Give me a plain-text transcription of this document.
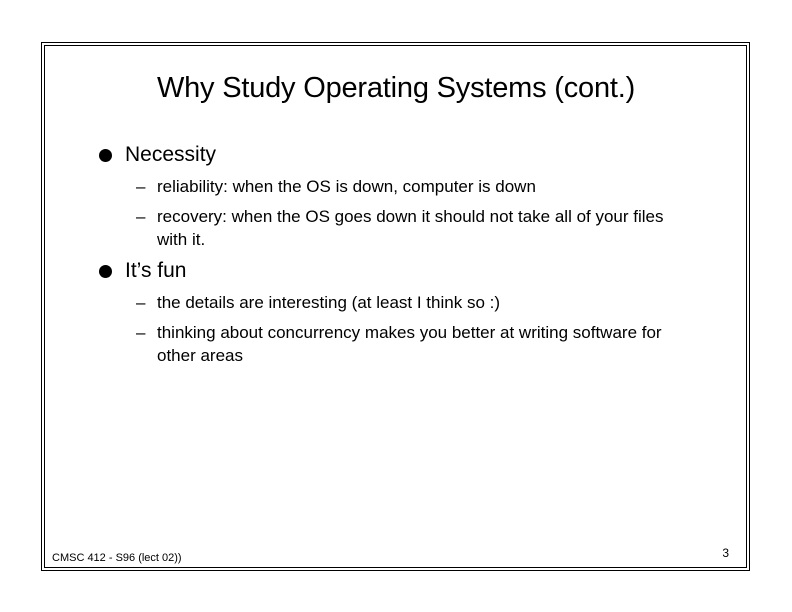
Why Study Operating Systems (cont.)
Necessity
– reliability: when the OS is down, computer is down
– recovery: when the OS goes down it should not take all of your files with it.
It’s fun
– the details are interesting (at least I think so :)
– thinking about concurrency makes you better at writing software for other areas
CMSC 412 - S96 (lect 02))	3
